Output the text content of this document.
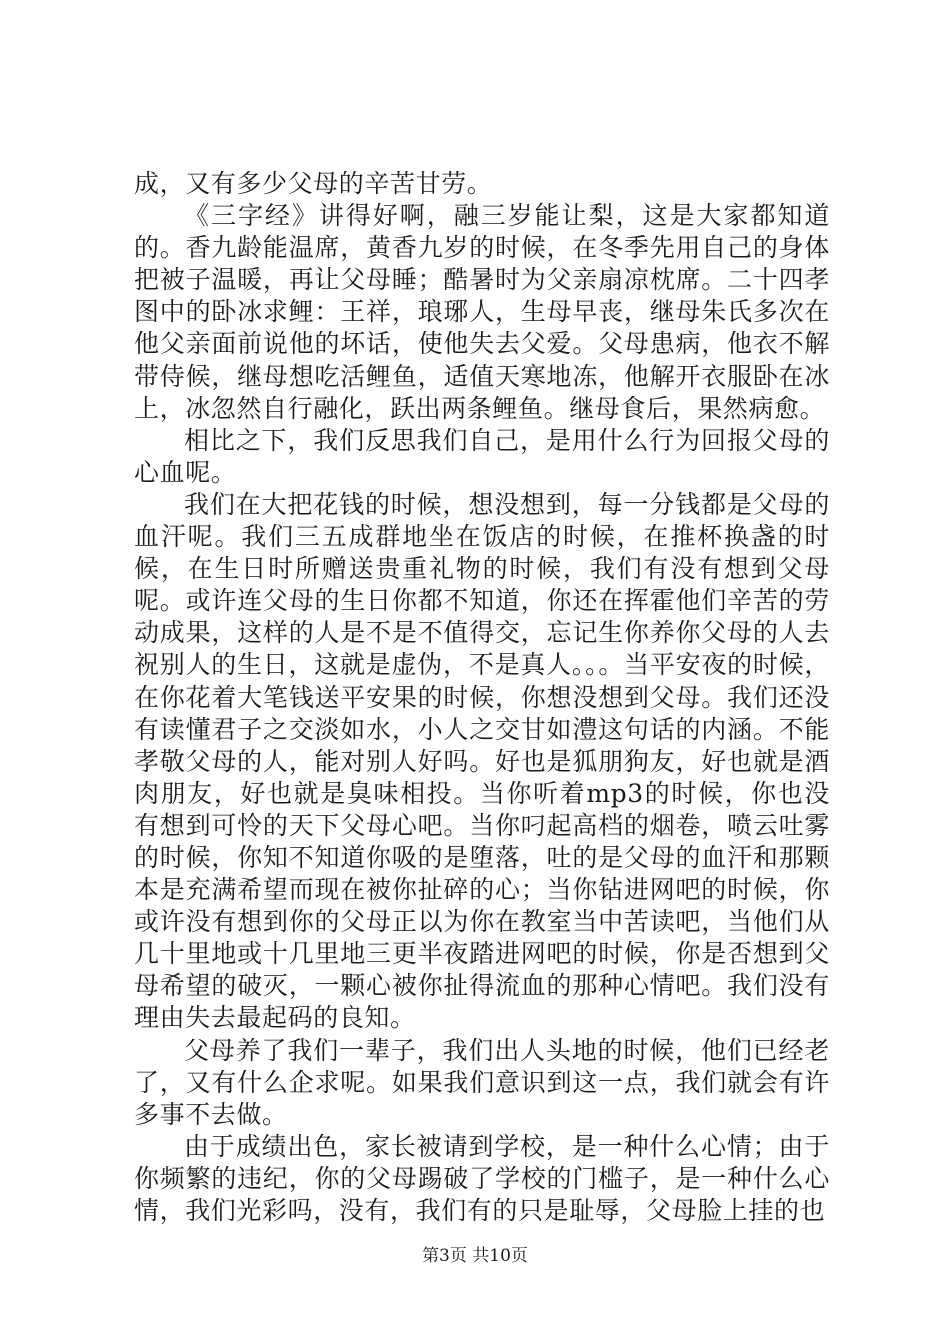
成，又有多少父母的辛苦甘劳。

《三字经》讲得好啊，融三岁能让梨，这是大家都知道的。香九龄能温席，黄香九岁的时候，在冬季先用自己的身体把被子温暖，再让父母睡；酷暑时为父亲扇凉枕席。二十四孝图中的卧冰求鲤：王祥，琅琊人，生母早丧，继母朱氏多次在他父亲面前说他的坏话，使他失去父爱。父母患病，他衣不解带侍候，继母想吃活鲤鱼，适值天寒地冻，他解开衣服卧在冰上，冰忽然自行融化，跃出两条鲤鱼。继母食后，果然病愈。

相比之下，我们反思我们自己，是用什么行为回报父母的心血呢。

我们在大把花钱的时候，想没想到，每一分钱都是父母的血汗呢。我们三五成群地坐在饭店的时候，在推杯换盏的时候，在生日时所赠送贵重礼物的时候，我们有没有想到父母呢。或许连父母的生日你都不知道，你还在挥霍他们辛苦的劳动成果，这样的人是不是不值得交，忘记生你养你父母的人去祝别人的生日，这就是虚伪，不是真人。。。当平安夜的时候，在你花着大笔钱送平安果的时候，你想没想到父母。我们还没有读懂君子之交淡如水，小人之交甘如澧这句话的内涵。不能孝敬父母的人，能对别人好吗。好也是狐朋狗友，好也就是酒肉朋友，好也就是臭味相投。当你听着mp3的时候，你也没有想到可怜的天下父母心吧。当你叼起高档的烟卷，喷云吐雾的时候，你知不知道你吸的是堕落，吐的是父母的血汗和那颗本是充满希望而现在被你扯碎的心；当你钻进网吧的时候，你或许没有想到你的父母正以为你在教室当中苦读吧，当他们从几十里地或十几里地三更半夜踏进网吧的时候，你是否想到父母希望的破灭，一颗心被你扯得流血的那种心情吧。我们没有理由失去最起码的良知。

父母养了我们一辈子，我们出人头地的时候，他们已经老了，又有什么企求呢。如果我们意识到这一点，我们就会有许多事不去做。

由于成绩出色，家长被请到学校，是一种什么心情；由于你频繁的违纪，你的父母踢破了学校的门槛子，是一种什么心情，我们光彩吗，没有，我们有的只是耻辱，父母脸上挂的也

第3页 共10页
